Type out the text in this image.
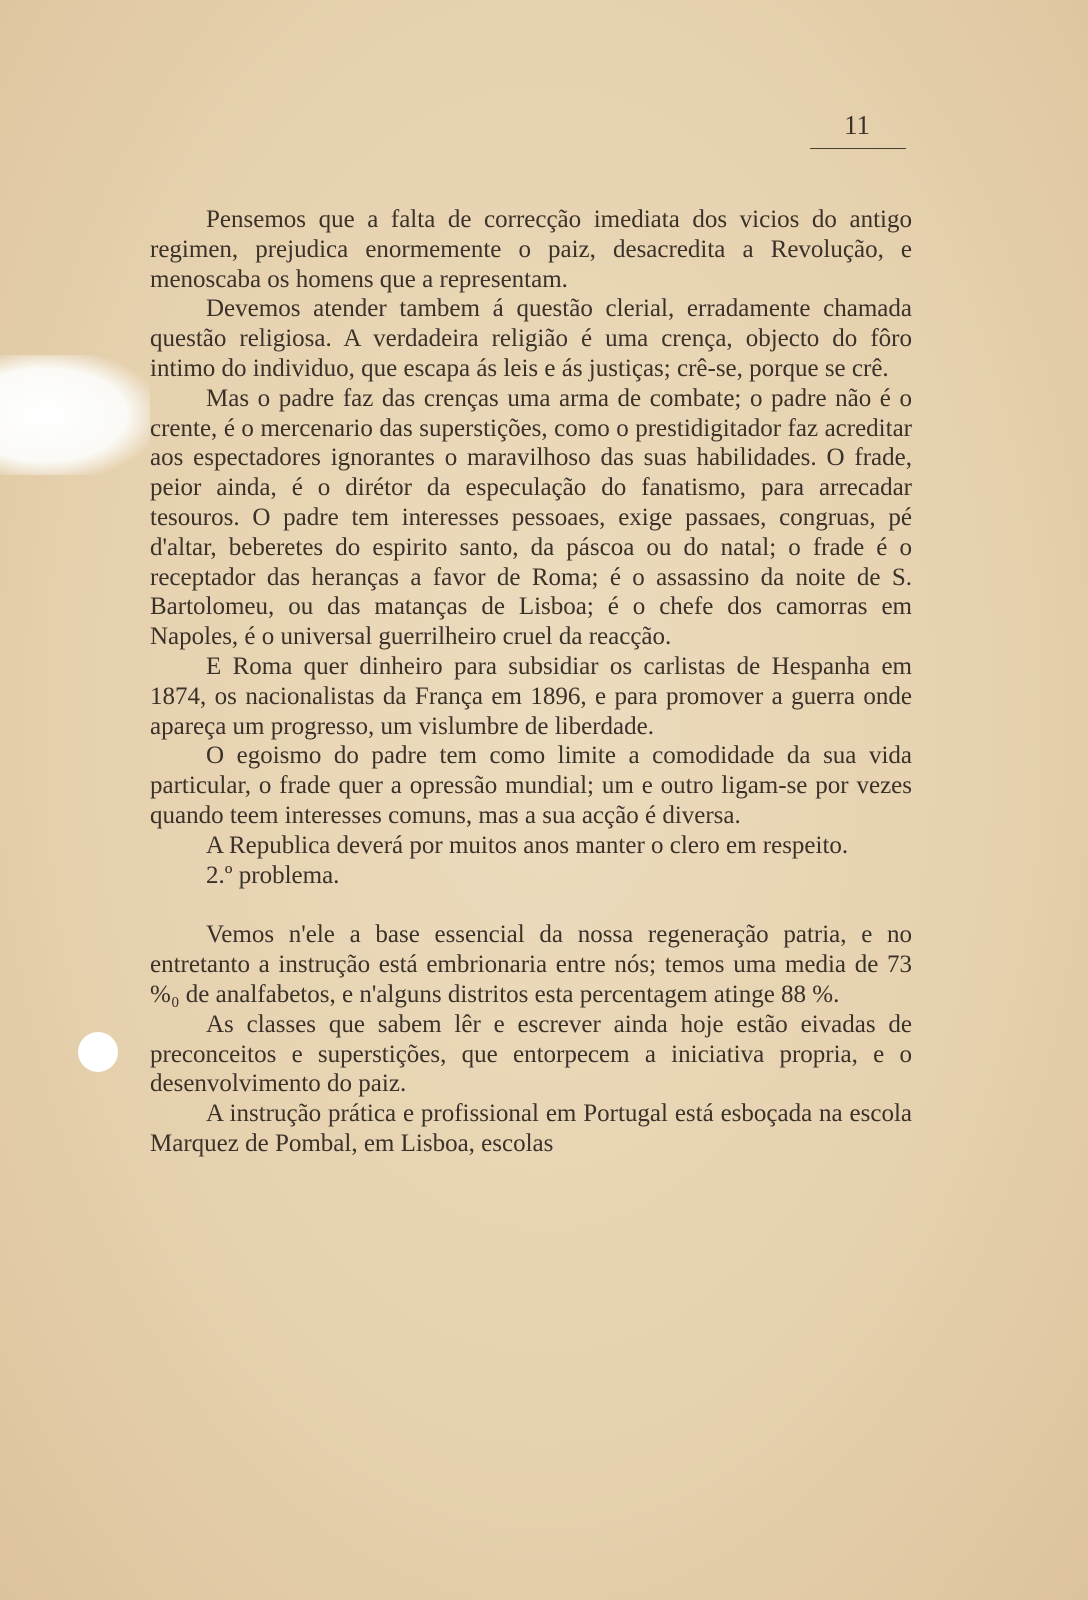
11

Pensemos que a falta de correcção imediata dos vicios do antigo regimen, prejudica enormemente o paiz, desacredita a Revolução, e menoscaba os homens que a representam.

Devemos atender tambem á questão clerial, erradamente chamada questão religiosa. A verdadeira religião é uma crença, objecto do fôro intimo do individuo, que escapa ás leis e ás justiças; crê-se, porque se crê.

Mas o padre faz das crenças uma arma de combate; o padre não é o crente, é o mercenario das superstições, como o prestidigitador faz acreditar aos espectadores ignorantes o maravilhoso das suas habilidades. O frade, peior ainda, é o dirétor da especulação do fanatismo, para arrecadar tesouros. O padre tem interesses pessoaes, exige passaes, congruas, pé d'altar, beberetes do espirito santo, da páscoa ou do natal; o frade é o receptador das heranças a favor de Roma; é o assassino da noite de S. Bartolomeu, ou das matanças de Lisboa; é o chefe dos camorras em Napoles, é o universal guerrilheiro cruel da reacção.

E Roma quer dinheiro para subsidiar os carlistas de Hespanha em 1874, os nacionalistas da França em 1896, e para promover a guerra onde apareça um progresso, um vislumbre de liberdade.

O egoismo do padre tem como limite a comodidade da sua vida particular, o frade quer a opressão mundial; um e outro ligam-se por vezes quando teem interesses comuns, mas a sua acção é diversa.

A Republica deverá por muitos anos manter o clero em respeito.

2.º problema.

Vemos n'ele a base essencial da nossa regeneração patria, e no entretanto a instrução está embrionaria entre nós; temos uma media de 73 %₀ de analfabetos, e n'alguns distritos esta percentagem atinge 88 %.

As classes que sabem lêr e escrever ainda hoje estão eivadas de preconceitos e superstições, que entorpecem a iniciativa propria, e o desenvolvimento do paiz.

A instrução prática e profissional em Portugal está esboçada na escola Marquez de Pombal, em Lisboa, escolas
